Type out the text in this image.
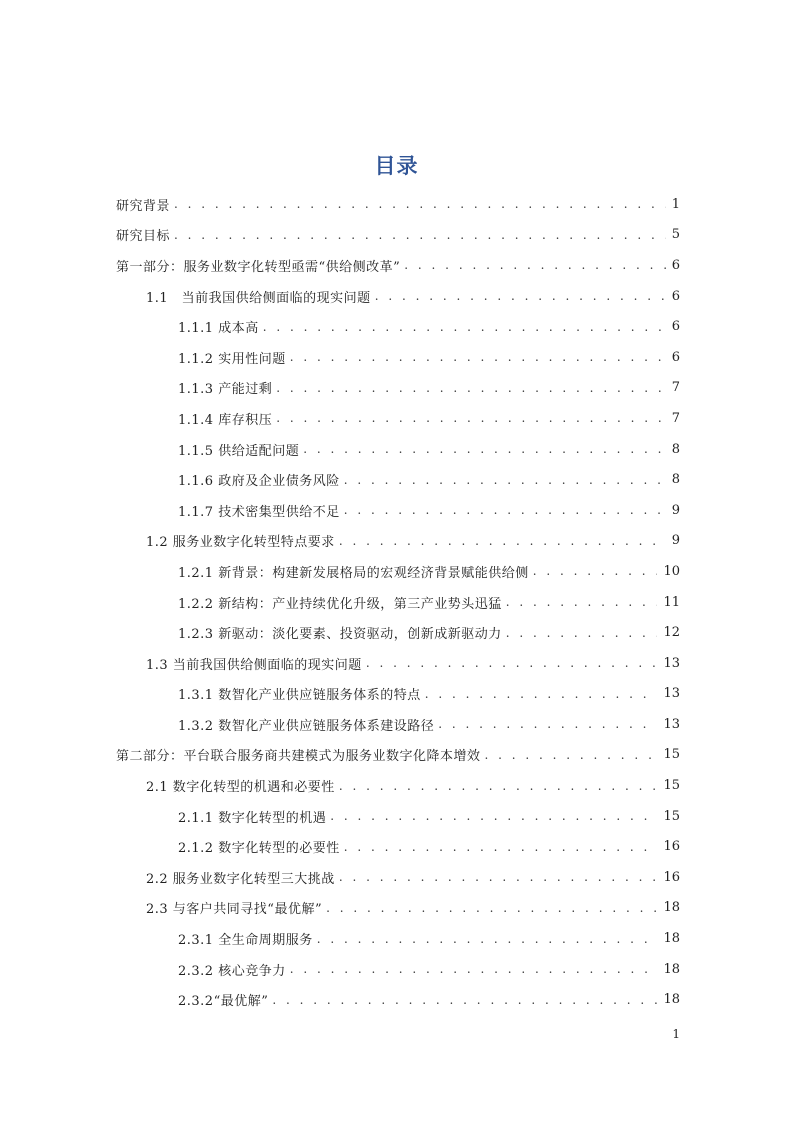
目录
研究背景 . . .	1
研究目标 . . .	5
第一部分：服务业数字化转型亟需“供给侧改革” . . .	6
1.1　当前我国供给侧面临的现实问题 . . .	6
1.1.1 成本高 . . .	6
1.1.2 实用性问题 . . .	6
1.1.3 产能过剩 . . .	7
1.1.4 库存积压 . . .	7
1.1.5 供给适配问题 . . .	8
1.1.6 政府及企业债务风险 . . .	8
1.1.7 技术密集型供给不足 . . .	9
1.2 服务业数字化转型特点要求 . . .	9
1.2.1 新背景：构建新发展格局的宏观经济背景赋能供给侧 . . .	10
1.2.2 新结构：产业持续优化升级，第三产业势头迅猛 . . .	11
1.2.3 新驱动：淡化要素、投资驱动，创新成新驱动力 . . .	12
1.3 当前我国供给侧面临的现实问题 . . .	13
1.3.1 数智化产业供应链服务体系的特点 . . .	13
1.3.2 数智化产业供应链服务体系建设路径 . . .	13
第二部分：平台联合服务商共建模式为服务业数字化降本增效 . . .	15
2.1 数字化转型的机遇和必要性 . . .	15
2.1.1 数字化转型的机遇 . . .	15
2.1.2 数字化转型的必要性 . . .	16
2.2 服务业数字化转型三大挑战 . . .	16
2.3 与客户共同寻找“最优解” . . .	18
2.3.1 全生命周期服务 . . .	18
2.3.2 核心竞争力 . . .	18
2.3.2“最优解” . . .	18
1
